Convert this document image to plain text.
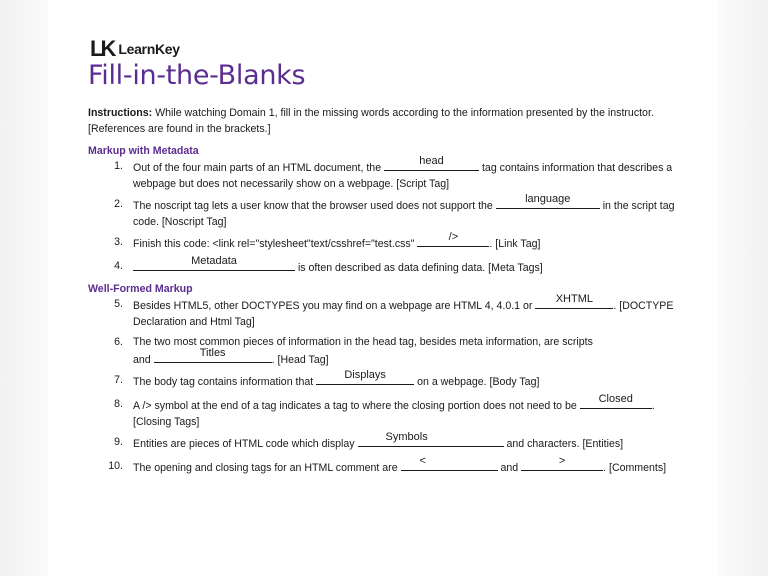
LK LearnKey
Fill-in-the-Blanks
Instructions: While watching Domain 1, fill in the missing words according to the information presented by the instructor.
[References are found in the brackets.]
Markup with Metadata
1. Out of the four main parts of an HTML document, the
head
tag contains information that describes a
webpage but does not necessarily show on a webpage. [Script Tag]
2. The noscript tag lets a user know that the browser used does not support the
language
in the script tag
code. [Noscript Tag]
3. Finish this code: <link rel="stylesheet"text/csshref="test.css"
/>
. [Link Tag]
4.	Metadata
is often described as data defining data. [Meta Tags]
Well-Formed Markup
5. Besides HTML5, other DOCTYPES you may find on a webpage are HTML 4, 4.0.1 or
XHTML
. [DOCTYPE
Declaration and Html Tag]
6. The two most common pieces of information in the head tag, besides meta information, are scripts
and
Titles
. [Head Tag]
7. The body tag contains information that
Displays
on a webpage. [Body Tag]
8. A /> symbol at the end of a tag indicates a tag to where the closing portion does not need to be
Closed
.
[Closing Tags]
9. Entities are pieces of HTML code which display
Symbols
and characters. [Entities]
10. The opening and closing tags for an HTML comment are
<
and
>
. [Comments]
